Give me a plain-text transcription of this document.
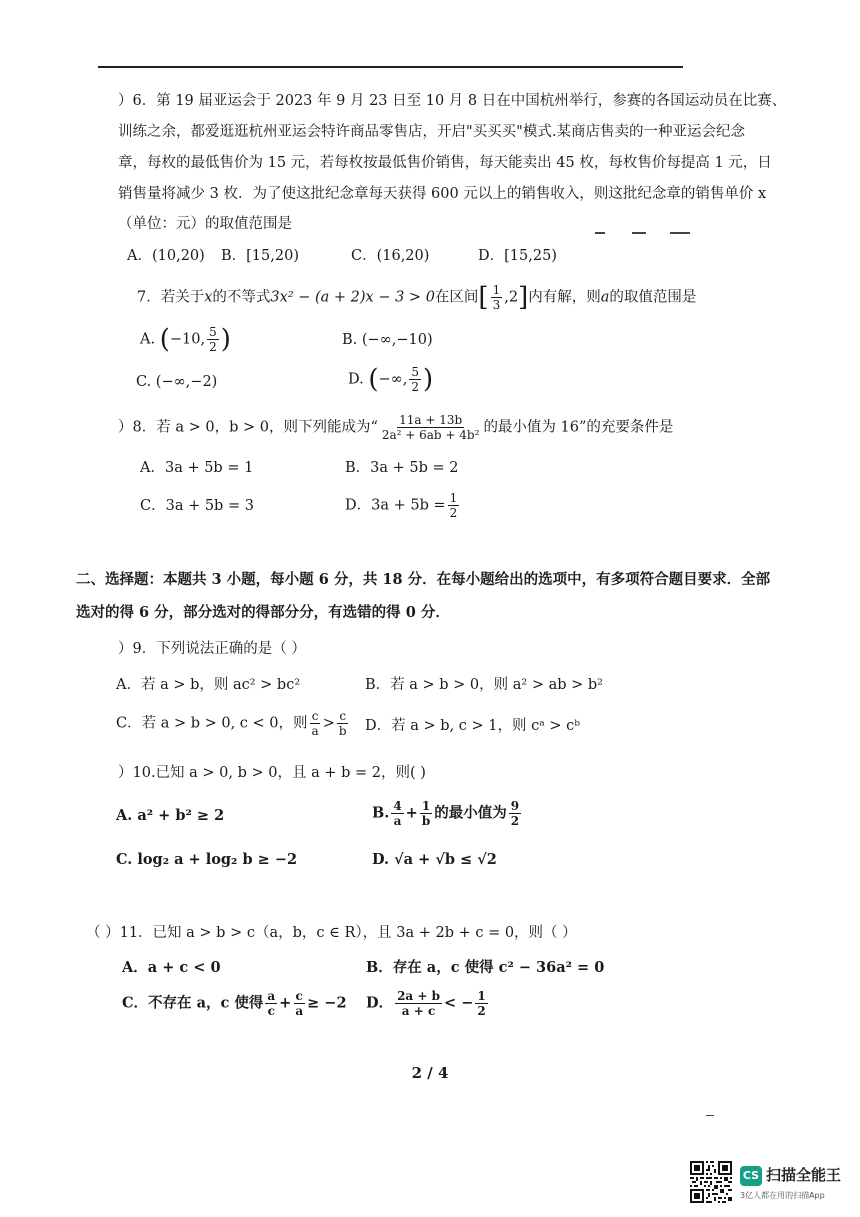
）6．第 19 届亚运会于 2023 年 9 月 23 日至 10 月 8 日在中国杭州举行，参赛的各国运动员在比赛、
训练之余，都爱逛逛杭州亚运会特许商品零售店，开启"买买买"模式.某商店售卖的一种亚运会纪念
章，每枚的最低售价为 15 元，若每枚按最低售价销售，每天能卖出 45 枚，每枚售价每提高 1 元，日
销售量将减少 3 枚．为了使这批纪念章每天获得 600 元以上的销售收入，则这批纪念章的销售单价 x
（单位：元）的取值范围是
A．(10,20) B．[15,20)	C．(16,20)	D．[15,25)
7．若关于x的不等式3x² − (a + 2)x − 3 > 0在区间[ $\frac{1}{3} ,2$]内有解，则a的取值范围是
A. (−10, $\frac{5}{2}$ )	B. (−∞,−10)
C. (−∞,−2)	D. (−∞, $\frac{5}{2}$ )
）8．若 a > 0，b > 0，则下列能成为“ $\frac{11a + 13b}{\text{2a² + 6ab + 4b²}}$ 的最小值为 16”的充要条件是
A．3a + 5b = 1	B．3a + 5b = 2
C．3a + 5b = 3	D．$3a + 5b = \frac{1}{2}$
二、选择题：本题共 3 小题，每小题 6 分，共 18 分．在每小题给出的选项中，有多项符合题目要求．全部
选对的得 6 分，部分选对的得部分分，有选错的得 0 分．
）9．下列说法正确的是（ ）
A．若 a > b，则 ac² > bc²	B．若 a > b > 0，则 a² > ab > b²
C．若 a > b > 0, c < 0，则 $\frac{c}{a} > \frac{c}{b}$ D．若 a > b, c > 1，则 cᵃ > cᵇ
）10.已知 a > 0, b > 0，且 a + b = 2，则( )
A. a² + b² ≥ 2	B. $\frac{4}{a} + \frac{1}{b}$ 的最小值为 $\frac{9}{2}$
C. log₂ a + log₂ b ≥ −2	D. √a + √b ≤ √2
（ ）11．已知 a > b > c（a，b，c ∈ R），且 3a + 2b + c = 0，则（ ）
A．a + c < 0	B．存在 a，c 使得 c² − 36a² = 0
C．不存在 a，c 使得 $\frac{a}{c} + \frac{c}{a} \ge -2$ D． $\frac{2a + b}{a + c}$ < − $\frac{1}{2}$
2 / 4
CS 扫描全能王
3亿人都在用的扫描App
